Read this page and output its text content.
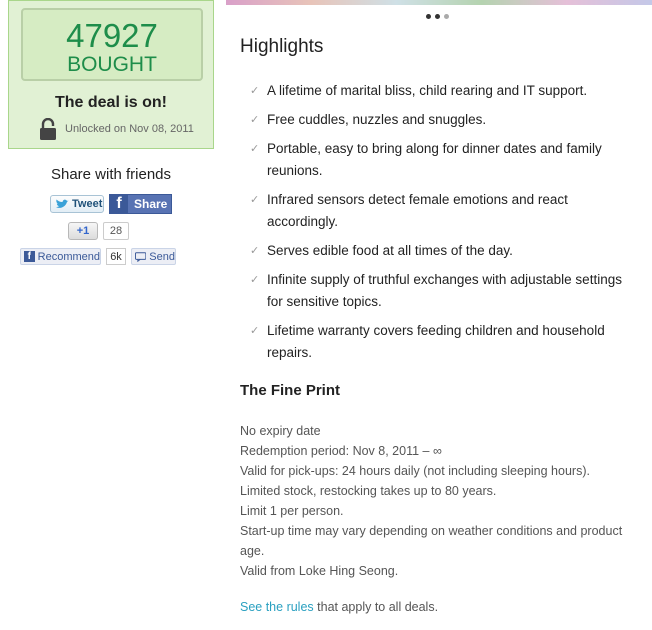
47927
BOUGHT
The deal is on!
Unlocked on Nov 08, 2011
Share with friends
Tweet f	Share
+1	28
f Recommend 6k	Send
Highlights
✓ A lifetime of marital bliss, child rearing and IT support.
✓ Free cuddles, nuzzles and snuggles.
✓ Portable, easy to bring along for dinner dates and family reunions.
✓ Infrared sensors detect female emotions and react accordingly.
✓ Serves edible food at all times of the day.
✓ Infinite supply of truthful exchanges with adjustable settings for sensitive topics.
✓ Lifetime warranty covers feeding children and household repairs.
The Fine Print
No expiry date
Redemption period: Nov 8, 2011 – ∞
Valid for pick-ups: 24 hours daily (not including sleeping hours).
Limited stock, restocking takes up to 80 years.
Limit 1 per person.
Start-up time may vary depending on weather conditions and product age.
Valid from Loke Hing Seong.
See the rules that apply to all deals.
